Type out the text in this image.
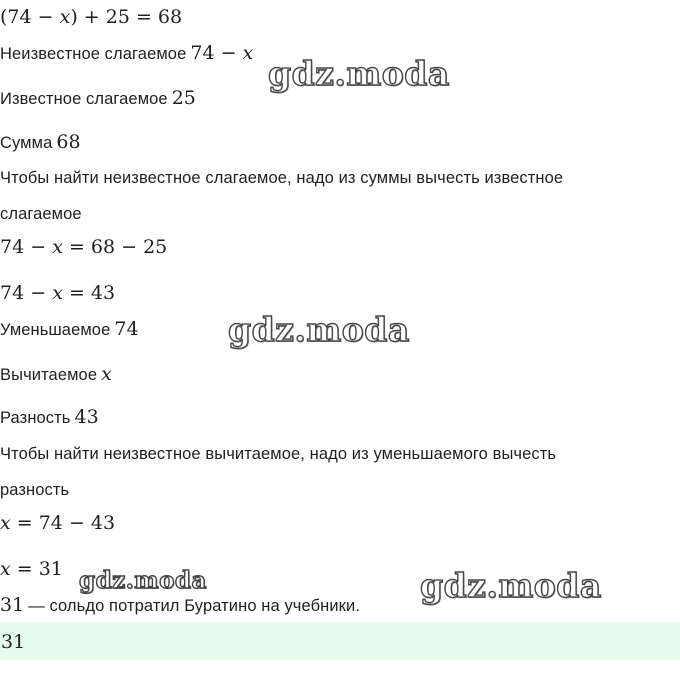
(74 − x) + 25 = 68
Неизвестное слагаемое 74 − x
Известное слагаемое 25
Сумма 68
Чтобы найти неизвестное слагаемое, надо из суммы вычесть известное
слагаемое
74 − x = 68 − 25
74 − x = 43
Уменьшаемое 74
Вычитаемое x
Разность 43
Чтобы найти неизвестное вычитаемое, надо из уменьшаемого вычесть
разность
x = 74 − 43
x = 31
31 — сольдо потратил Буратино на учебники.
31
gdz.moda
gdz.moda
gdz.moda	gdz.moda
